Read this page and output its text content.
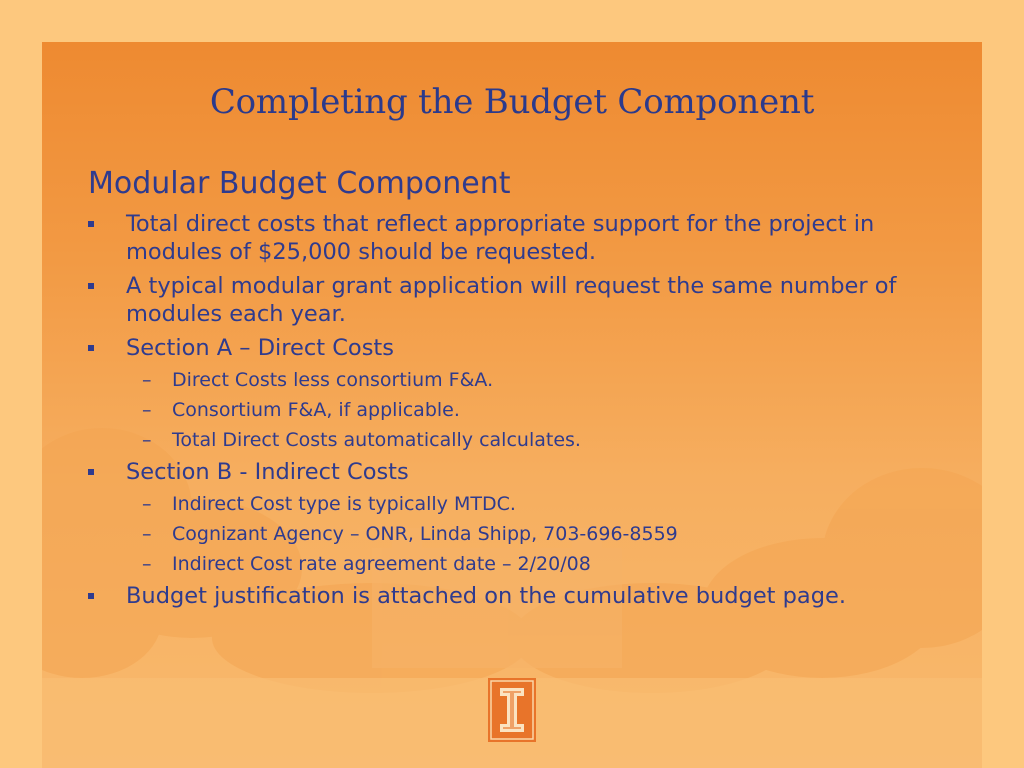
Completing the Budget Component
Modular Budget Component
Total direct costs that reflect appropriate support for the project in modules of $25,000 should be requested.
A typical modular grant application will request the same number of modules each year.
Section A – Direct Costs
– Direct Costs less consortium F&A.
– Consortium F&A, if applicable.
– Total Direct Costs automatically calculates.
Section B - Indirect Costs
– Indirect Cost type is typically MTDC.
– Cognizant Agency – ONR, Linda Shipp, 703-696-8559
– Indirect Cost rate agreement date – 2/20/08
Budget justification is attached on the cumulative budget page.
